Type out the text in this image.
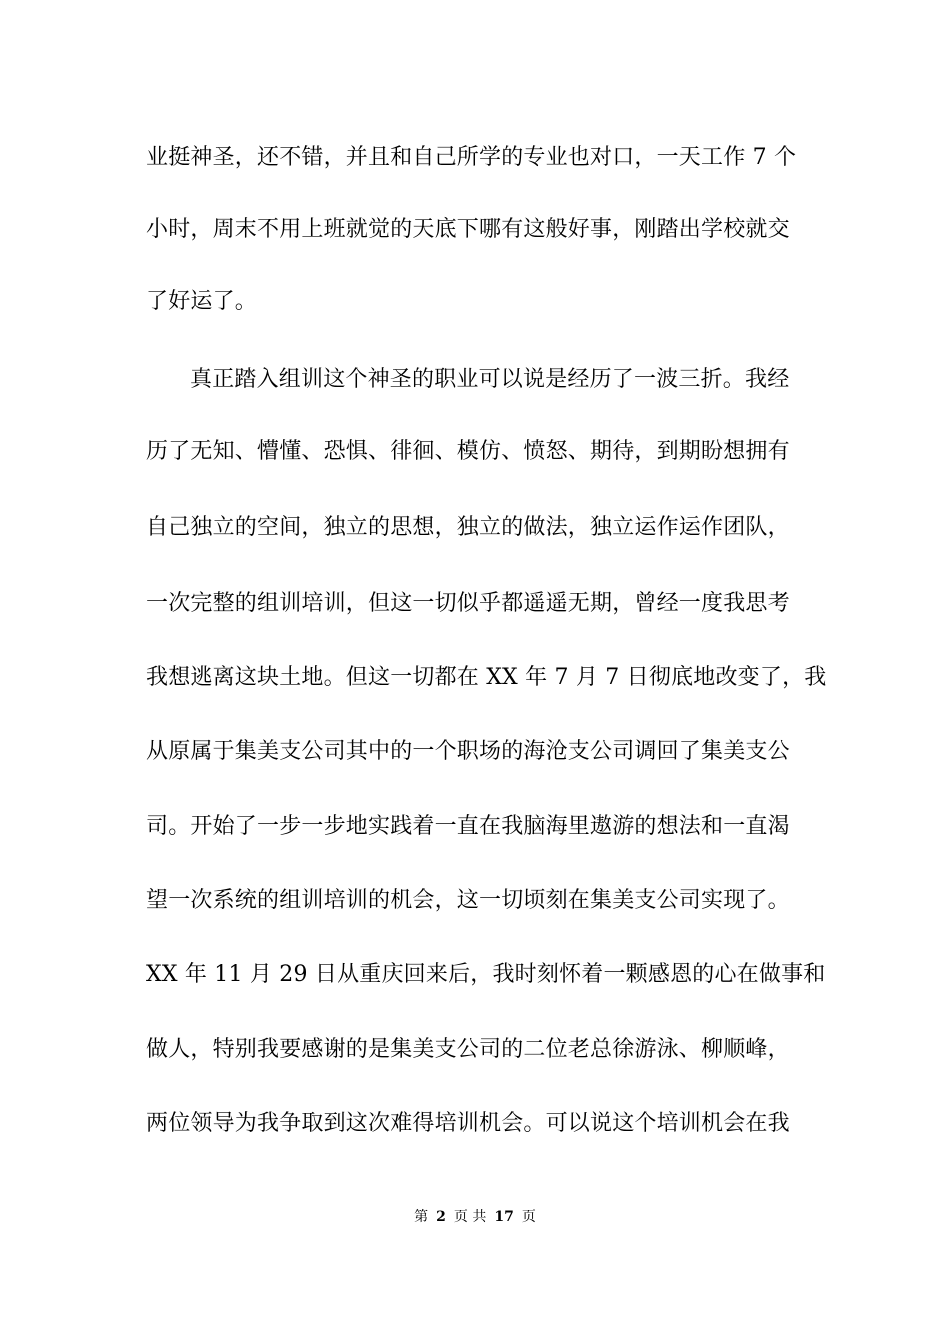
业挺神圣，还不错，并且和自己所学的专业也对口，一天工作 7 个
小时，周末不用上班就觉的天底下哪有这般好事，刚踏出学校就交
了好运了。
真正踏入组训这个神圣的职业可以说是经历了一波三折。我经
历了无知、懵懂、恐惧、徘徊、模仿、愤怒、期待，到期盼想拥有
自己独立的空间，独立的思想，独立的做法，独立运作运作团队，
一次完整的组训培训，但这一切似乎都遥遥无期，曾经一度我思考
我想逃离这块土地。但这一切都在 XX 年 7 月 7 日彻底地改变了，我
从原属于集美支公司其中的一个职场的海沧支公司调回了集美支公
司。开始了一步一步地实践着一直在我脑海里遨游的想法和一直渴
望一次系统的组训培训的机会，这一切顷刻在集美支公司实现了。
XX 年 11 月 29 日从重庆回来后，我时刻怀着一颗感恩的心在做事和
做人，特别我要感谢的是集美支公司的二位老总徐游泳、柳顺峰，
两位领导为我争取到这次难得培训机会。可以说这个培训机会在我
第 2 页 共 17 页
